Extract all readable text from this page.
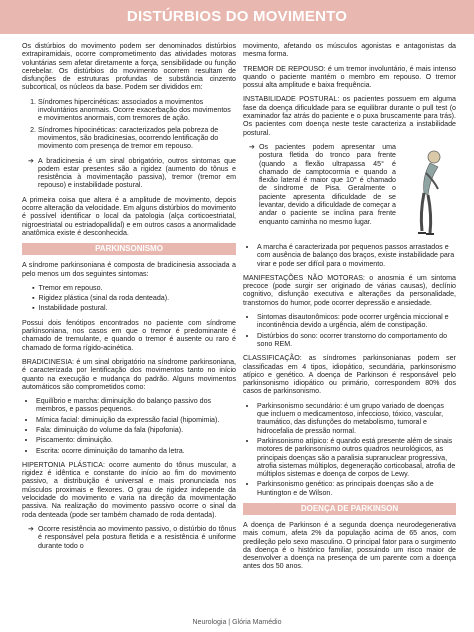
DISTÚRBIOS DO MOVIMENTO

Os distúrbios do movimento podem ser denominados distúrbios extrapiramidais, ocorre comprometimento das atividades motoras voluntárias sem afetar diretamente a força, sensibilidade ou função cerebelar. Os distúrbios do movimento ocorrem resultam de disfunções de estruturas profundas de substância cinzento subcortical, os núcleos da base. Podem ser divididos em:

1. Síndromes hipercinéticas: associados a movimentos involuntários anormais. Ocorre exacerbação dos movimentos e movimentos anormais, com tremores de ação.
2. Síndromes hipocinéticas: caracterizados pela pobreza de movimentos, são bradicinesias, ocorrendo lentificação do movimento com presença de tremor em repouso.
➔ A bradicinesia é um sinal obrigatório, outros sintomas que podem estar presentes são a rigidez (aumento do tônus e resistência à movimentação passiva), tremor (tremor em repouso) e instabilidade postural.

A primeira coisa que altera é a amplitude de movimento, depois ocorre alteração da velocidade. Em alguns distúrbios do movimento é possível identificar o local da patologia (alça corticoestriatal, nigroestriatal ou estriadopallidal) e em outros casos a anormalidade anatômica existe é desconhecida.

PARKINSONISMO

A síndrome parkinsoniana é composta de bradicinesia associada a pelo menos um dos seguintes sintomas:

▪ Tremor em repouso.
▪ Rigidez plástica (sinal da roda denteada).
▪ Instabilidade postural.

Possui dois fenótipos encontrados no paciente com síndrome parkinsoniana, nos casos em que o tremor é predominante é chamado de tremulante, e quando o tremor é ausente ou raro é chamado de forma rígido-acinética.

BRADICINESIA: é um sinal obrigatório na síndrome parkinsoniana, é caracterizada por lentificação dos movimentos tanto no início quanto na execução e mudança do padrão. Alguns movimentos automáticos são comprometidos como:

• Equilíbrio e marcha: diminuição do balanço passivo dos membros, e passos pequenos.
• Mímica facial: diminuição da expressão facial (hipomimia).
• Fala: diminuição do volume da fala (hipofonia).
• Piscamento: diminuição.
• Escrita: ocorre diminuição do tamanho da letra.

HIPERTONIA PLÁSTICA: ocorre aumento do tônus muscular, a rigidez é idêntica e constante do início ao fim do movimento passivo, a distribuição é universal e mais pronunciada nos músculos proximais e flexores. O grau de rigidez independe da velocidade do movimento e varia na direção da movimentação passiva. Na realização do movimento passivo ocorre o sinal da roda denteada (pode ser também chamado de roda dentada).

➔ Ocorre resistência ao movimento passivo, o distúrbio do tônus é responsável pela postura fletida e a resistência é uniforme durante todo o

movimento, afetando os músculos agonistas e antagonistas da mesma forma.

TREMOR DE REPOUSO: é um tremor involuntário, é mais intenso quando o paciente mantém o membro em repouso. O tremor possui alta amplitude e baixa frequência.

INSTABILIDADE POSTURAL: os pacientes possuem em alguma fase da doença dificuldade para se equilibrar durante o pull test (o examinador faz atrás do paciente e o puxa bruscamente para trás). Os pacientes com doença neste teste caracteriza a instabilidade postural.

➔ Os pacientes podem apresentar uma postura fletida do tronco para frente (quando a flexão ultrapassa 45° é chamado de camptocormia e quando a flexão lateral é maior que 10° é chamado de síndrome de Pisa. Geralmente o paciente apresenta dificuldade de se levantar, devido a dificuldade de começar a andar o paciente se inclina para frente enquanto caminha no mesmo lugar.
• A marcha é caracterizada por pequenos passos arrastados e com ausência de balanço dos braços, existe instabilidade para virar e pode ser difícil para o movimento.

MANIFESTAÇÕES NÃO MOTORAS: o anosmia é um sintoma precoce (pode surgir ser originado de várias causas), declínio cognitivo, disfunção executiva e alterações da personalidade, transtornos do humor, pode ocorrer depressão e ansiedade.

• Sintomas disautonômicos: pode ocorrer urgência miccional e incontinência devido a urgência, além de constipação.
• Distúrbios do sono: ocorrer transtorno do comportamento do sono REM.

CLASSIFICAÇÃO: as síndromes parkinsonianas podem ser classificadas em 4 tipos, idiopático, secundária, parkinsonismo atípico e genético. A doença de Parkinson é responsável pelo parkinsonismo idiopático ou primário, correspondem 80% dos casos de parkinsonismo.

• Parkinsonismo secundário: é um grupo variado de doenças que incluem o medicamentoso, infeccioso, tóxico, vascular, traumático, das disfunções do metabolismo, tumoral e hidrocefalia de pressão normal.
• Parkinsonismo atípico: é quando está presente além de sinais motores de parkinsonismo outros quadros neurológicos, as principais doenças são a paralisia supranuclear progressiva, atrofia sistemas múltiplos, degeneração corticobasal, atrofia de múltiplos sistemas e doença de corpos de Lewy.
• Parkinsonismo genético: as principais doenças são a de Huntington e de Wilson.
DOENÇA DE PARKINSON

A doença de Parkinson é a segunda doença neurodegenerativa mais comum, afeta 2% da população acima de 65 anos, com predileção pelo sexo masculino. O principal fator para o surgimento da doença é o histórico familiar, possuindo um risco maior de desenvolver a doença na presença de um parente com a doença antes dos 50 anos.

Neurologia | Glória Mamédio
